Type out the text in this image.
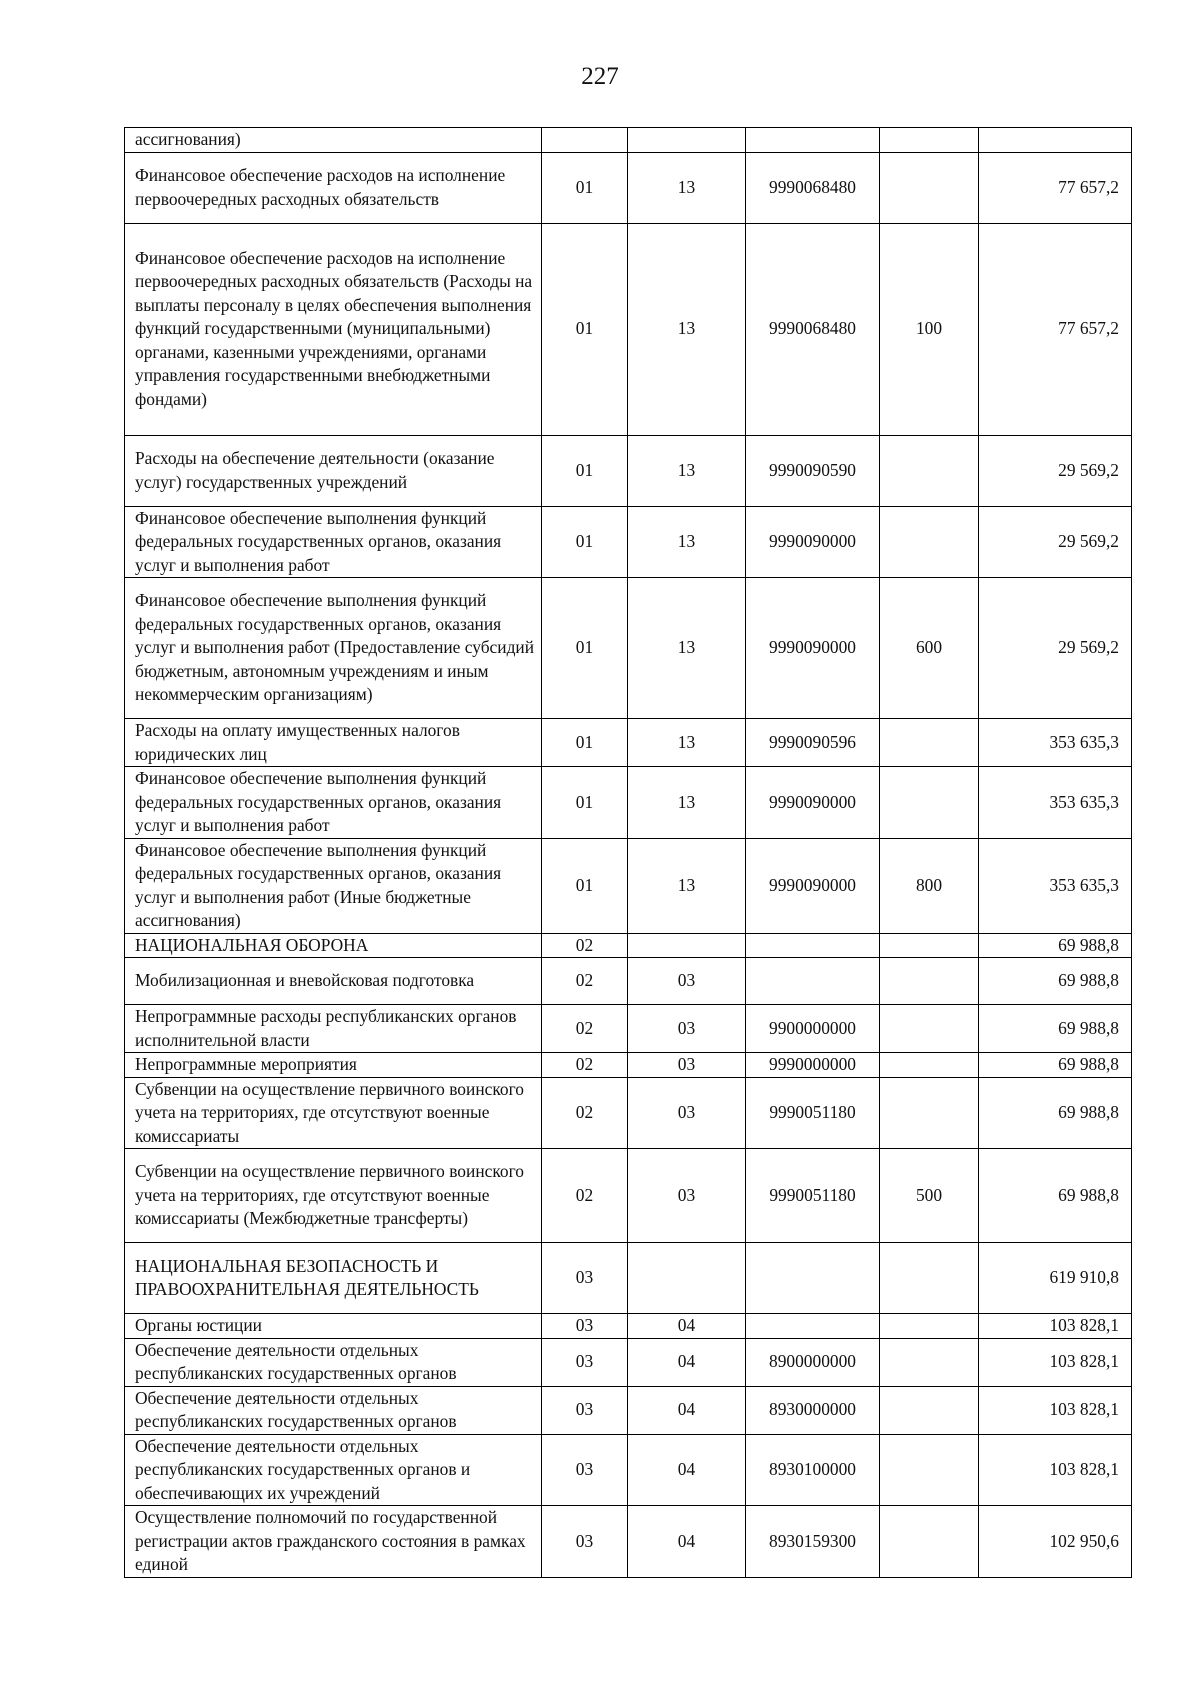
227
ассигнования)					
Финансовое обеспечение расходов на исполнение первоочередных расходных обязательств	01	13	9990068480		77 657,2
Финансовое обеспечение расходов на исполнение первоочередных расходных обязательств (Расходы на выплаты персоналу в целях обеспечения выполнения функций государственными (муниципальными) органами, казенными учреждениями, органами управления государственными внебюджетными фондами)	01	13	9990068480	100	77 657,2
Расходы на обеспечение деятельности (оказание услуг) государственных учреждений	01	13	9990090590		29 569,2
Финансовое обеспечение выполнения функций федеральных государственных органов, оказания услуг и выполнения работ	01	13	9990090000		29 569,2
Финансовое обеспечение выполнения функций федеральных государственных органов, оказания услуг и выполнения работ (Предоставление субсидий бюджетным, автономным учреждениям и иным некоммерческим организациям)	01	13	9990090000	600	29 569,2
Расходы на оплату имущественных налогов юридических лиц	01	13	9990090596		353 635,3
Финансовое обеспечение выполнения функций федеральных государственных органов, оказания услуг и выполнения работ	01	13	9990090000		353 635,3
Финансовое обеспечение выполнения функций федеральных государственных органов, оказания услуг и выполнения работ (Иные бюджетные ассигнования)	01	13	9990090000	800	353 635,3
НАЦИОНАЛЬНАЯ ОБОРОНА	02				69 988,8
Мобилизационная и вневойсковая подготовка	02	03			69 988,8
Непрограммные расходы республиканских органов исполнительной власти	02	03	9900000000		69 988,8
Непрограммные мероприятия	02	03	9990000000		69 988,8
Субвенции на осуществление первичного воинского учета на территориях, где отсутствуют военные комиссариаты	02	03	9990051180		69 988,8
Субвенции на осуществление первичного воинского учета на территориях, где отсутствуют военные комиссариаты (Межбюджетные трансферты)	02	03	9990051180	500	69 988,8
НАЦИОНАЛЬНАЯ БЕЗОПАСНОСТЬ И ПРАВООХРАНИТЕЛЬНАЯ ДЕЯТЕЛЬНОСТЬ	03				619 910,8
Органы юстиции	03	04			103 828,1
Обеспечение деятельности отдельных республиканских государственных органов	03	04	8900000000		103 828,1
Обеспечение деятельности отдельных республиканских государственных органов	03	04	8930000000		103 828,1
Обеспечение деятельности отдельных республиканских государственных органов и обеспечивающих их учреждений	03	04	8930100000		103 828,1
Осуществление полномочий по государственной регистрации актов гражданского состояния в рамках единой	03	04	8930159300		102 950,6
